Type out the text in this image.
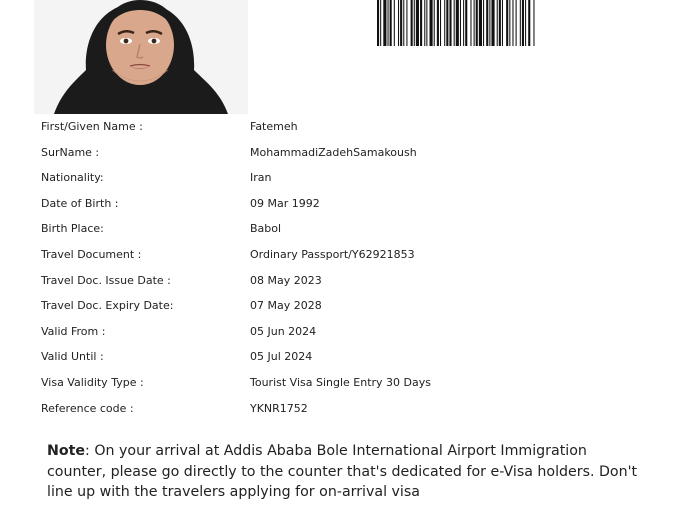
First/Given Name :	Fatemeh
SurName :	MohammadiZadehSamakoush
Nationality:	Iran
Date of Birth :	09 Mar 1992
Birth Place:	Babol
Travel Document :	Ordinary Passport/Y62921853
Travel Doc. Issue Date :	08 May 2023
Travel Doc. Expiry Date:	07 May 2028
Valid From :	05 Jun 2024
Valid Until :	05 Jul 2024
Visa Validity Type :	Tourist Visa Single Entry 30 Days
Reference code :	YKNR1752
Note: On your arrival at Addis Ababa Bole International Airport Immigration counter, please go directly to the counter that's dedicated for e-Visa holders. Don't line up with the travelers applying for on-arrival visa
